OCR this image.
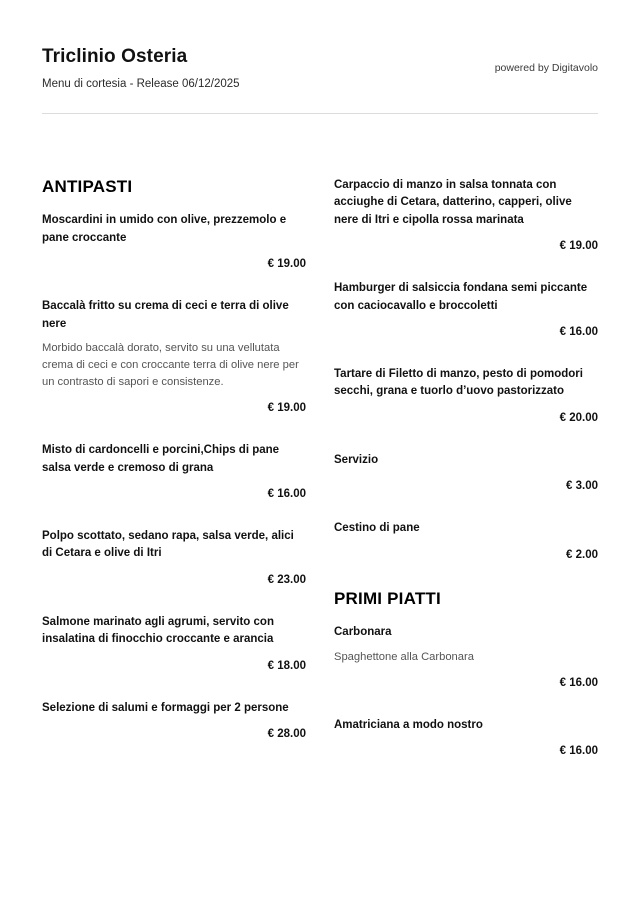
Triclinio Osteria
Menu di cortesia - Release 06/12/2025
powered by Digitavolo
ANTIPASTI
Moscardini in umido con olive, prezzemolo e pane croccante
€ 19.00
Baccalà fritto su crema di ceci e terra di olive nere
Morbido baccalà dorato, servito su una vellutata crema di ceci e con croccante terra di olive nere per un contrasto di sapori e consistenze.
€ 19.00
Misto di cardoncelli e porcini,Chips di pane salsa verde e cremoso di grana
€ 16.00
Polpo scottato, sedano rapa, salsa verde, alici di Cetara e olive di Itri
€ 23.00
Salmone marinato agli agrumi, servito con insalatina di finocchio croccante e arancia
€ 18.00
Selezione di salumi e formaggi per 2 persone
€ 28.00
Carpaccio di manzo in salsa tonnata con acciughe di Cetara, datterino, capperi, olive nere di Itri e cipolla rossa marinata
€ 19.00
Hamburger di salsiccia fondana semi piccante con caciocavallo e broccoletti
€ 16.00
Tartare di Filetto di manzo, pesto di pomodori secchi, grana e tuorlo d’uovo pastorizzato
€ 20.00
Servizio
€ 3.00
Cestino di pane
€ 2.00
PRIMI PIATTI
Carbonara
Spaghettone alla Carbonara
€ 16.00
Amatriciana a modo nostro
€ 16.00
